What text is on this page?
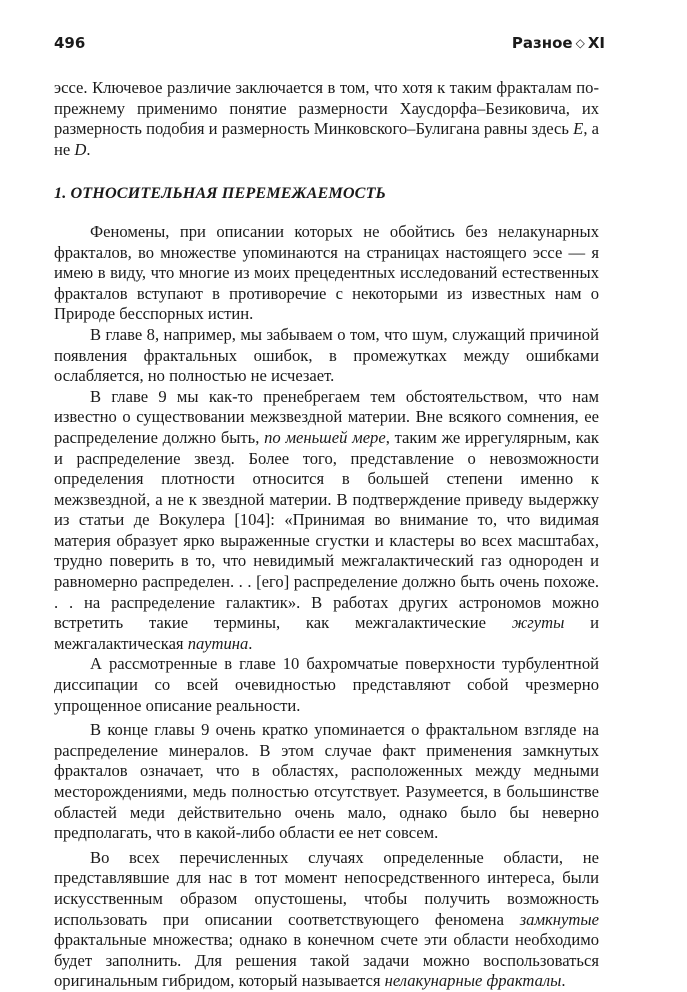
496	Разное ◇ XI

эссе. Ключевое различие заключается в том, что хотя к таким фракталам по-прежнему применимо понятие размерности Хаусдорфа–Безиковича, их размерность подобия и размерность Минковского–Булигана равны здесь E, а не D.

1. ОТНОСИТЕЛЬНАЯ ПЕРЕМЕЖАЕМОСТЬ

Феномены, при описании которых не обойтись без нелакунарных фракталов, во множестве упоминаются на страницах настоящего эссе — я имею в виду, что многие из моих прецедентных исследований естественных фракталов вступают в противоречие с некоторыми из известных нам о Природе бесспорных истин.

В главе 8, например, мы забываем о том, что шум, служащий причиной появления фрактальных ошибок, в промежутках между ошибками ослабляется, но полностью не исчезает.

В главе 9 мы как-то пренебрегаем тем обстоятельством, что нам известно о существовании межзвездной материи. Вне всякого сомнения, ее распределение должно быть, по меньшей мере, таким же иррегулярным, как и распределение звезд. Более того, представление о невозможности определения плотности относится в большей степени именно к межзвездной, а не к звездной материи. В подтверждение приведу выдержку из статьи де Вокулера [104]: «Принимая во внимание то, что видимая материя образует ярко выраженные сгустки и кластеры во всех масштабах, трудно поверить в то, что невидимый межгалактический газ однороден и равномерно распределен. . . [его] распределение должно быть очень похоже. . . на распределение галактик». В работах других астрономов можно встретить такие термины, как межгалактические жгуты и межгалактическая паутина.

А рассмотренные в главе 10 бахромчатые поверхности турбулентной диссипации со всей очевидностью представляют собой чрезмерно упрощенное описание реальности.

В конце главы 9 очень кратко упоминается о фрактальном взгляде на распределение минералов. В этом случае факт применения замкнутых фракталов означает, что в областях, расположенных между медными месторождениями, медь полностью отсутствует. Разумеется, в большинстве областей меди действительно очень мало, однако было бы неверно предполагать, что в какой-либо области ее нет совсем.

Во всех перечисленных случаях определенные области, не представлявшие для нас в тот момент непосредственного интереса, были искусственным образом опустошены, чтобы получить возможность использовать при описании соответствующего феномена замкнутые фрактальные множества; однако в конечном счете эти области необходимо будет заполнить. Для решения такой задачи можно воспользоваться оригинальным гибридом, который называется нелакунарные фракталы.
